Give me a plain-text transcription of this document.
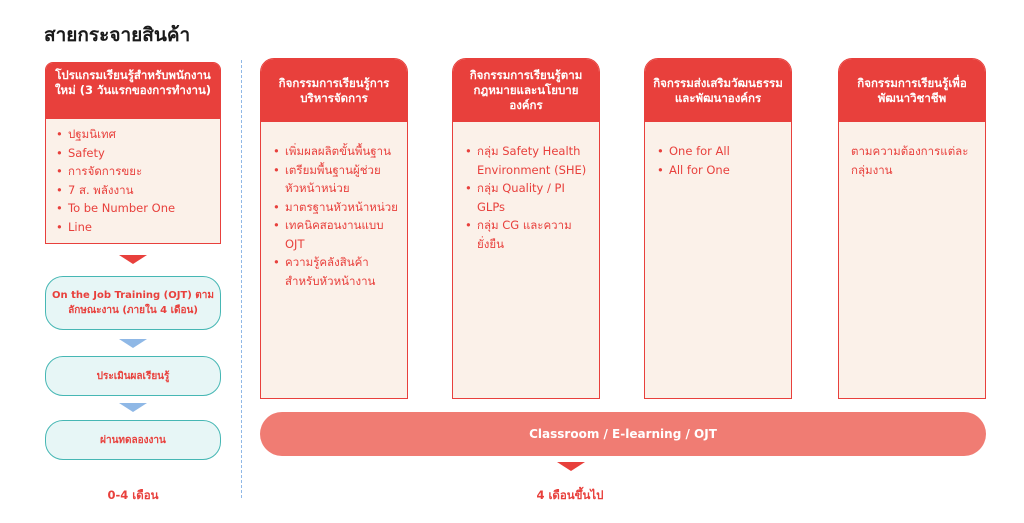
สายกระจายสินค้า
โปรแกรมเรียนรู้สำหรับพนักงานใหม่ (3 วันแรกของการทำงาน)
• ปฐมนิเทศ
• Safety
• การจัดการขยะ
• 7 ส. พลังงาน
• To be Number One
• Line
On the Job Training (OJT) ตามลักษณะงาน (ภายใน 4 เดือน)
ประเมินผลเรียนรู้
ผ่านทดลองงาน
0-4 เดือน
กิจกรรมการเรียนรู้การบริหารจัดการ
• เพิ่มผลผลิตขั้นพื้นฐาน
• เตรียมพื้นฐานผู้ช่วยหัวหน้าหน่วย
• มาตรฐานหัวหน้าหน่วย
• เทคนิคสอนงานแบบ OJT
• ความรู้คลังสินค้าสำหรับหัวหน้างาน
กิจกรรมการเรียนรู้ตามกฎหมายและนโยบายองค์กร
• กลุ่ม Safety Health Environment (SHE)
• กลุ่ม Quality / PI GLPs
• กลุ่ม CG และความยั่งยืน
กิจกรรมส่งเสริมวัฒนธรรมและพัฒนาองค์กร
• One for All
• All for One
กิจกรรมการเรียนรู้เพื่อพัฒนาวิชาชีพ
ตามความต้องการแต่ละกลุ่มงาน
Classroom / E-learning / OJT
4 เดือนขึ้นไป
